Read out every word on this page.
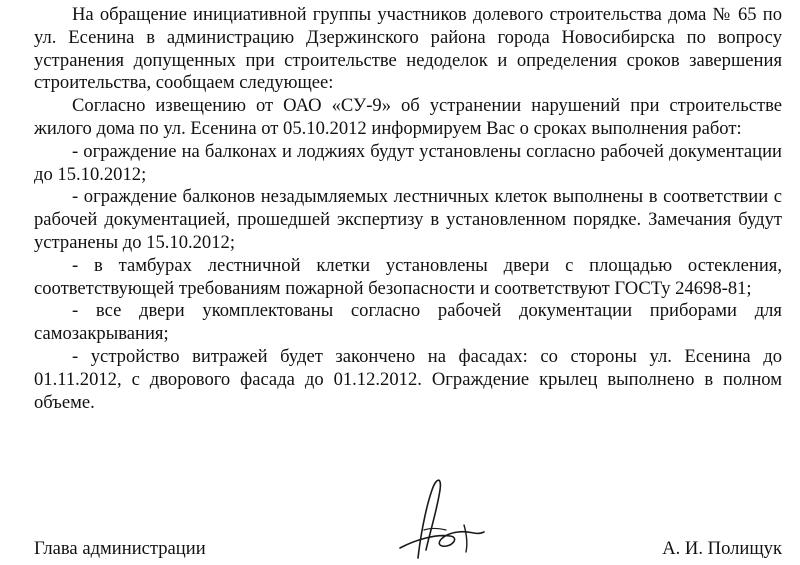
На обращение инициативной группы участников долевого строительства дома № 65 по ул. Есенина в администрацию Дзержинского района города Новосибирска по вопросу устранения допущенных при строительстве недоделок и определения сроков завершения строительства, сообщаем следующее:

Согласно извещению от ОАО «СУ-9» об устранении нарушений при строительстве жилого дома по ул. Есенина от 05.10.2012 информируем Вас о сроках выполнения работ:

- ограждение на балконах и лоджиях будут установлены согласно рабочей документации до 15.10.2012;

- ограждение балконов незадымляемых лестничных клеток выполнены в соответствии с рабочей документацией, прошедшей экспертизу в установленном порядке. Замечания будут устранены до 15.10.2012;

- в тамбурах лестничной клетки установлены двери с площадью остекления, соответствующей требованиям пожарной безопасности и соответствуют ГОСТу 24698-81;

- все двери укомплектованы согласно рабочей документации приборами для самозакрывания;

- устройство витражей будет закончено на фасадах: со стороны ул. Есенина до 01.11.2012, с дворового фасада до 01.12.2012. Ограждение крылец выполнено в полном объеме.

Глава администрации	А. И. Полищук
